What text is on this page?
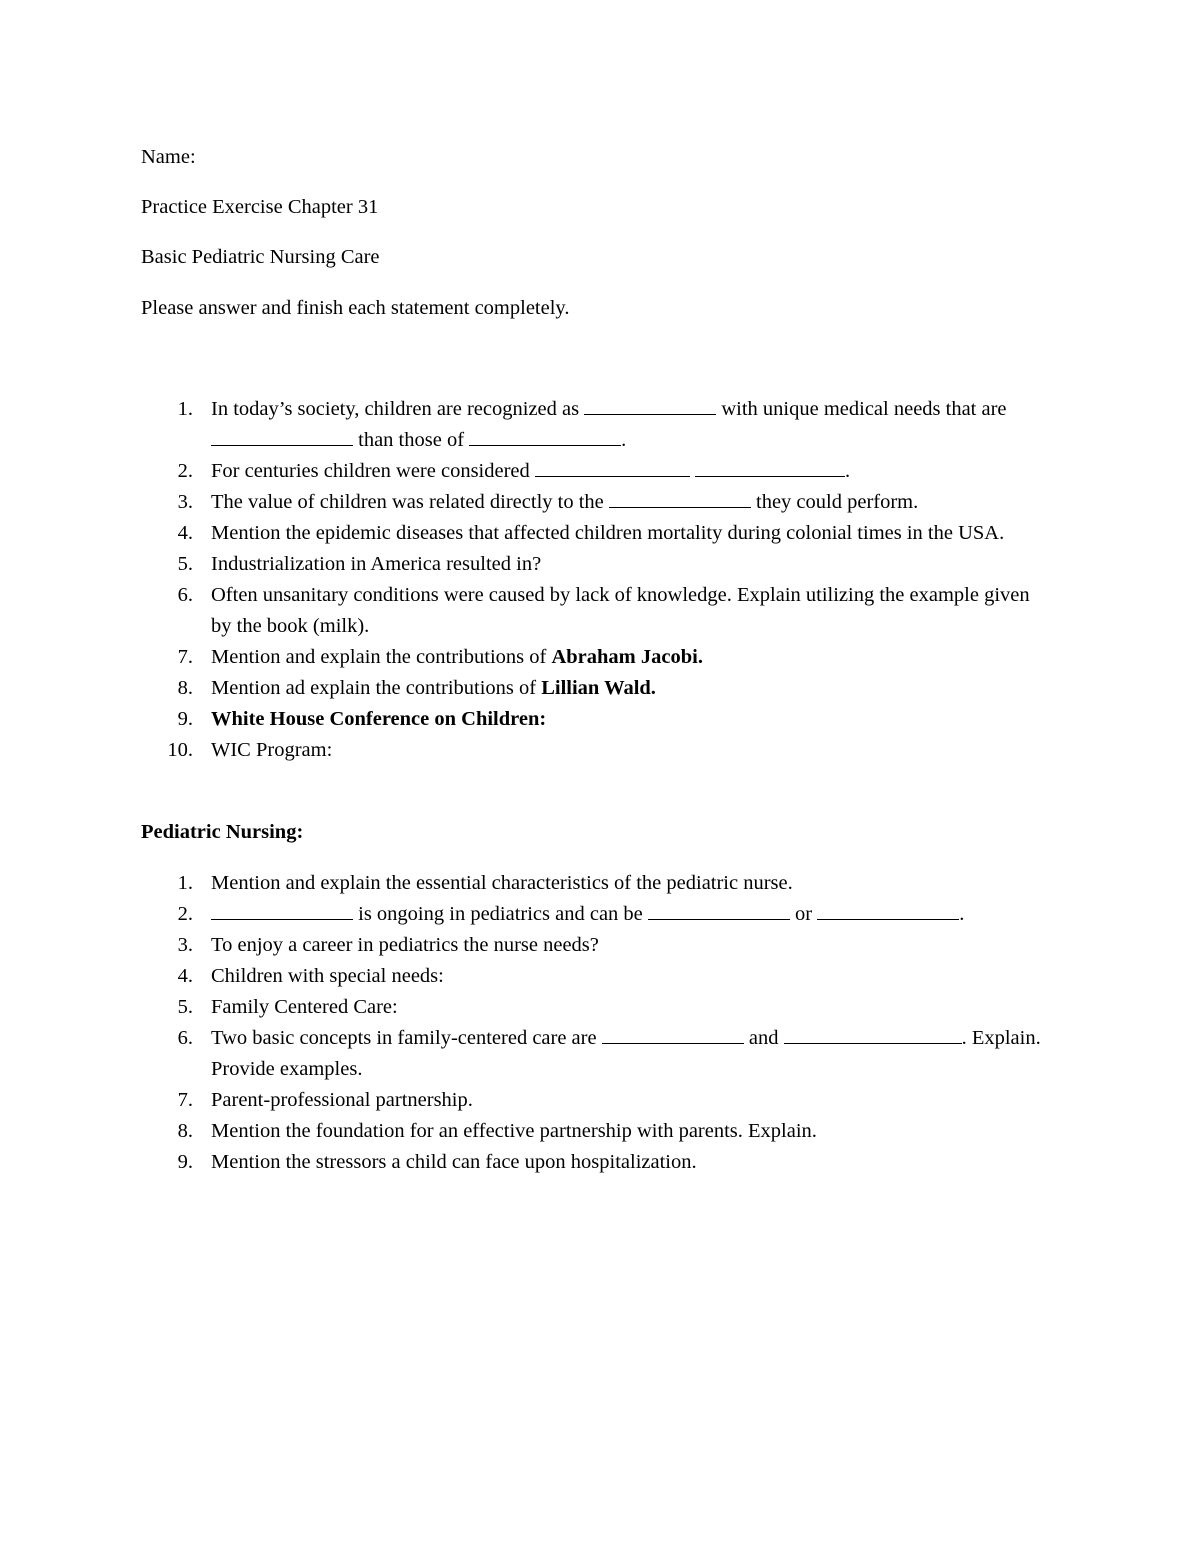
Name:
Practice Exercise Chapter 31
Basic Pediatric Nursing Care
Please answer and finish each statement completely.
1. In today’s society, children are recognized as	with unique medical needs that are  than those of	.
2. For centuries children were considered	.
3. The value of children was related directly to the	they could perform.
4. Mention the epidemic diseases that affected children mortality during colonial times in the USA.
5. Industrialization in America resulted in?
6. Often unsanitary conditions were caused by lack of knowledge. Explain utilizing the example given by the book (milk).
7. Mention and explain the contributions of Abraham Jacobi.
8. Mention ad explain the contributions of Lillian Wald.
9. White House Conference on Children:
10. WIC Program:
Pediatric Nursing:
1. Mention and explain the essential characteristics of the pediatric nurse.
2.	is ongoing in pediatrics and can be	or	.
3. To enjoy a career in pediatrics the nurse needs?
4. Children with special needs:
5. Family Centered Care:
6. Two basic concepts in family-centered care are	and	. Explain. Provide examples.
7. Parent-professional partnership.
8. Mention the foundation for an effective partnership with parents. Explain.
9. Mention the stressors a child can face upon hospitalization.
